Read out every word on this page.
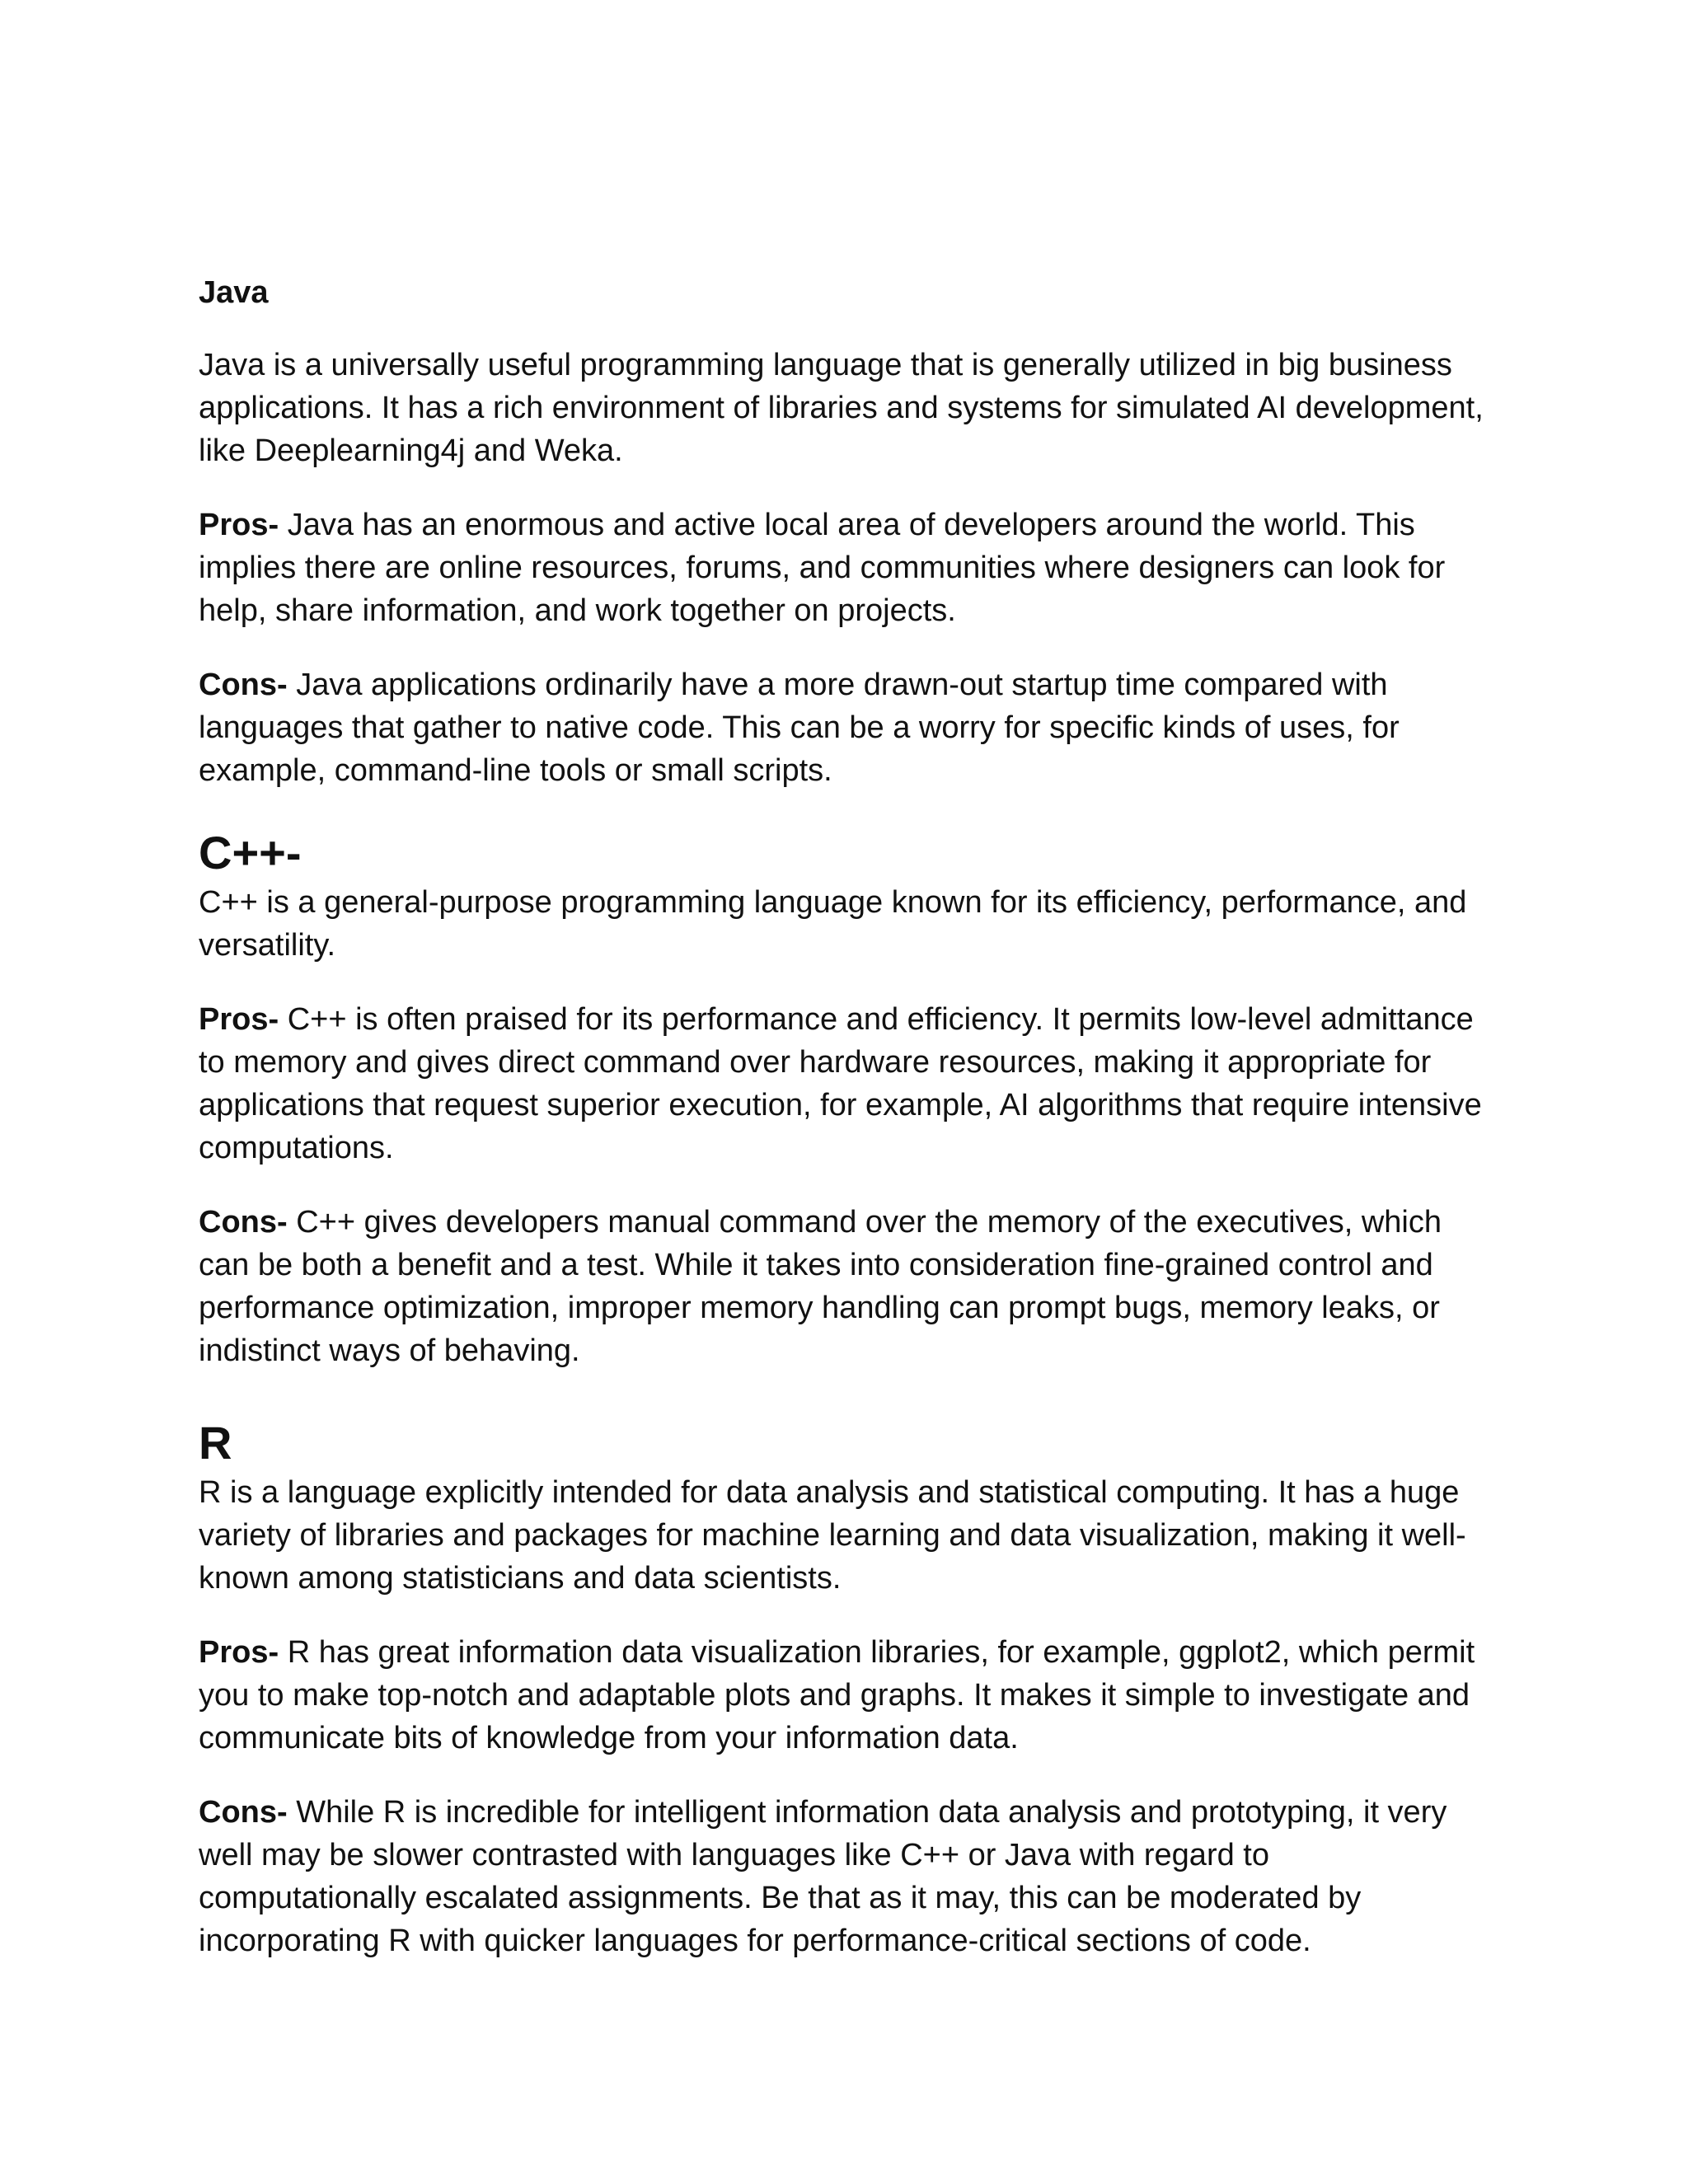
Java

Java is a universally useful programming language that is generally utilized in big business applications. It has a rich environment of libraries and systems for simulated AI development, like Deeplearning4j and Weka.

Pros- Java has an enormous and active local area of developers around the world. This implies there are online resources, forums, and communities where designers can look for help, share information, and work together on projects.

Cons- Java applications ordinarily have a more drawn-out startup time compared with languages that gather to native code. This can be a worry for specific kinds of uses, for example, command-line tools or small scripts.

C++-

C++ is a general-purpose programming language known for its efficiency, performance, and versatility.

Pros- C++ is often praised for its performance and efficiency. It permits low-level admittance to memory and gives direct command over hardware resources, making it appropriate for applications that request superior execution, for example, AI algorithms that require intensive computations.

Cons- C++ gives developers manual command over the memory of the executives, which can be both a benefit and a test. While it takes into consideration fine-grained control and performance optimization, improper memory handling can prompt bugs, memory leaks, or indistinct ways of behaving.

R

R is a language explicitly intended for data analysis and statistical computing. It has a huge variety of libraries and packages for machine learning and data visualization, making it well-known among statisticians and data scientists.

Pros- R has great information data visualization libraries, for example, ggplot2, which permit you to make top-notch and adaptable plots and graphs. It makes it simple to investigate and communicate bits of knowledge from your information data.

Cons- While R is incredible for intelligent information data analysis and prototyping, it very well may be slower contrasted with languages like C++ or Java with regard to computationally escalated assignments. Be that as it may, this can be moderated by incorporating R with quicker languages for performance-critical sections of code.
